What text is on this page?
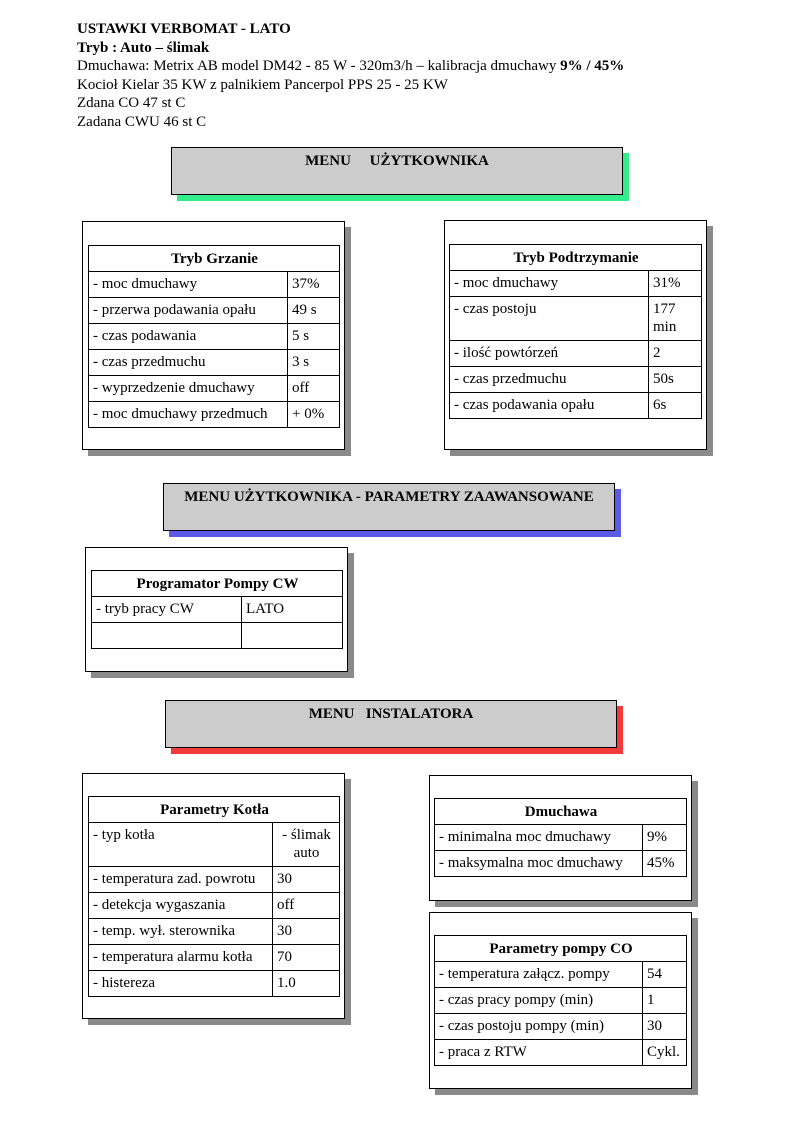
USTAWKI VERBOMAT - LATO
Tryb : Auto – ślimak
Dmuchawa: Metrix AB model DM42 - 85 W - 320m3/h – kalibracja dmuchawy 9% / 45%
Kocioł Kielar 35 KW z palnikiem Pancerpol PPS 25 - 25 KW
Zdana CO 47 st C
Zadana CWU 46 st C
MENU     UŻYTKOWNIKA
Tryb Grzanie	
- moc dmuchawy	37%
- przerwa podawania opału	49 s
- czas podawania	5 s
- czas przedmuchu	3 s
- wyprzedzenie dmuchawy	off
- moc dmuchawy przedmuch	+ 0%
Tryb Podtrzymanie	
- moc dmuchawy	31%
- czas postoju	177 min
- ilość powtórzeń	2
- czas przedmuchu	50s
- czas podawania opału	6s
MENU UŻYTKOWNIKA - PARAMETRY ZAAWANSOWANE
Programator Pompy CW	
- tryb pracy CW	LATO

MENU   INSTALATORA
Parametry Kotła	
- typ kotła	- ślimak auto
- temperatura zad. powrotu	30
- detekcja wygaszania	off
- temp. wył. sterownika	30
- temperatura alarmu kotła	70
- histereza	1.0
Dmuchawa	
- minimalna moc dmuchawy	9%
- maksymalna moc dmuchawy	45%
Parametry pompy CO	
- temperatura załącz. pompy	54
- czas pracy pompy (min)	1
- czas postoju pompy (min)	30
- praca z RTW	Cykl.
